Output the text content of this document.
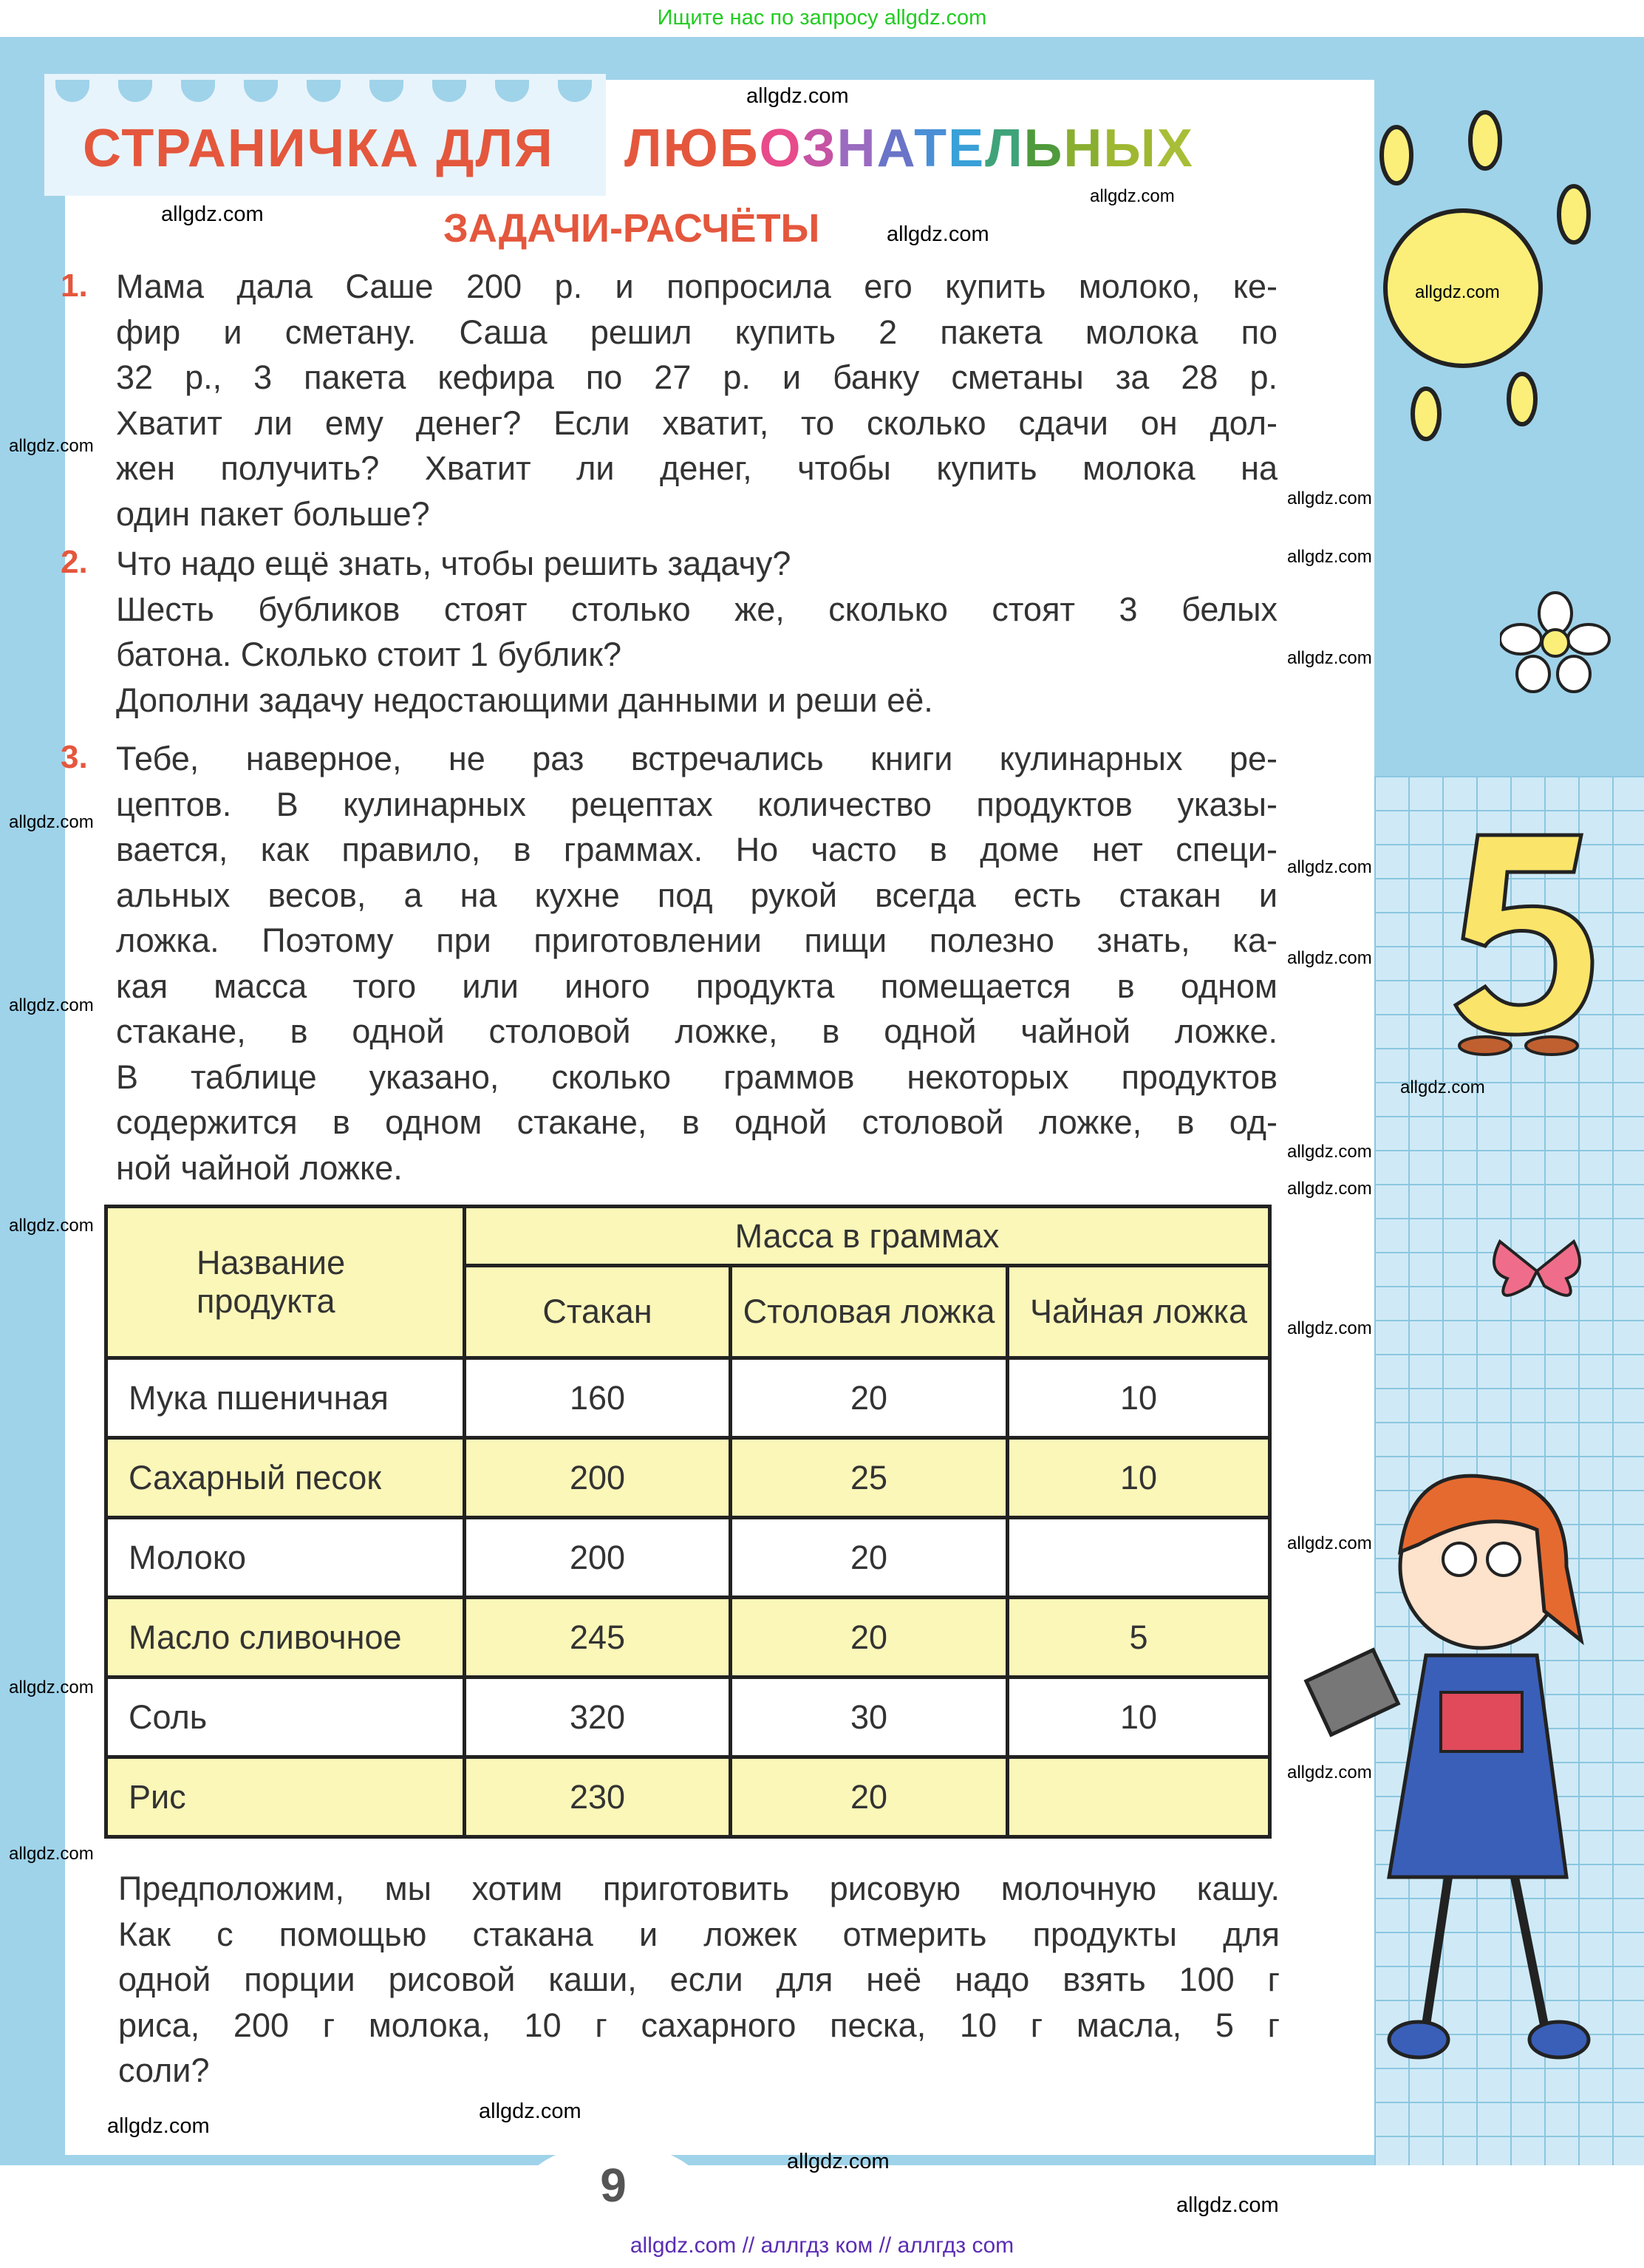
Ищите нас по запросу allgdz.com
СТРАНИЧКА ДЛЯ ЛЮБОЗНАТЕЛЬНЫХ
ЗАДАЧИ-РАСЧЁТЫ
1. Мама дала Саше 200 р. и попросила его купить молоко, ке-
фир и сметану. Саша решил купить 2 пакета молока по
32 р., 3 пакета кефира по 27 р. и банку сметаны за 28 р.
Хватит ли ему денег? Если хватит, то сколько сдачи он дол-
жен получить? Хватит ли денег, чтобы купить молока на
один пакет больше?
2. Что надо ещё знать, чтобы решить задачу?
Шесть бубликов стоят столько же, сколько стоят 3 белых
батона. Сколько стоит 1 бублик?
Дополни задачу недостающими данными и реши её.
3. Тебе, наверное, не раз встречались книги кулинарных ре-
цептов. В кулинарных рецептах количество продуктов указы-
вается, как правило, в граммах. Но часто в доме нет специ-
альных весов, а на кухне под рукой всегда есть стакан и
ложка. Поэтому при приготовлении пищи полезно знать, ка-
кая масса того или иного продукта помещается в одном
стакане, в одной столовой ложке, в одной чайной ложке.
В таблице указано, сколько граммов некоторых продуктов
содержится в одном стакане, в одной столовой ложке, в од-
ной чайной ложке.
Название продукта	Масса в граммах		
	Стакан	Столовая ложка	Чайная ложка
Мука пшеничная	160	20	10
Сахарный песок	200	25	10
Молоко	200	20	
Масло сливочное	245	20	5
Соль	320	30	10
Рис	230	20	
Предположим, мы хотим приготовить рисовую молочную кашу.
Как с помощью стакана и ложек отмерить продукты для
одной порции рисовой каши, если для неё надо взять 100 г
риса, 200 г молока, 10 г сахарного песка, 10 г масла, 5 г
соли?
9
allgdz.com
allgdz.com
allgdz.com
allgdz.com
allgdz.com
allgdz.com
allgdz.com
allgdz.com
allgdz.com
allgdz.com
allgdz.com
allgdz.com
allgdz.com
allgdz.com
allgdz.com
allgdz.com
allgdz.com
allgdz.com
allgdz.com
allgdz.com
allgdz.com
allgdz.com
allgdz.com
allgdz.com
allgdz.com
allgdz.com
allgdz.com // аллгдз ком // аллгдз com
